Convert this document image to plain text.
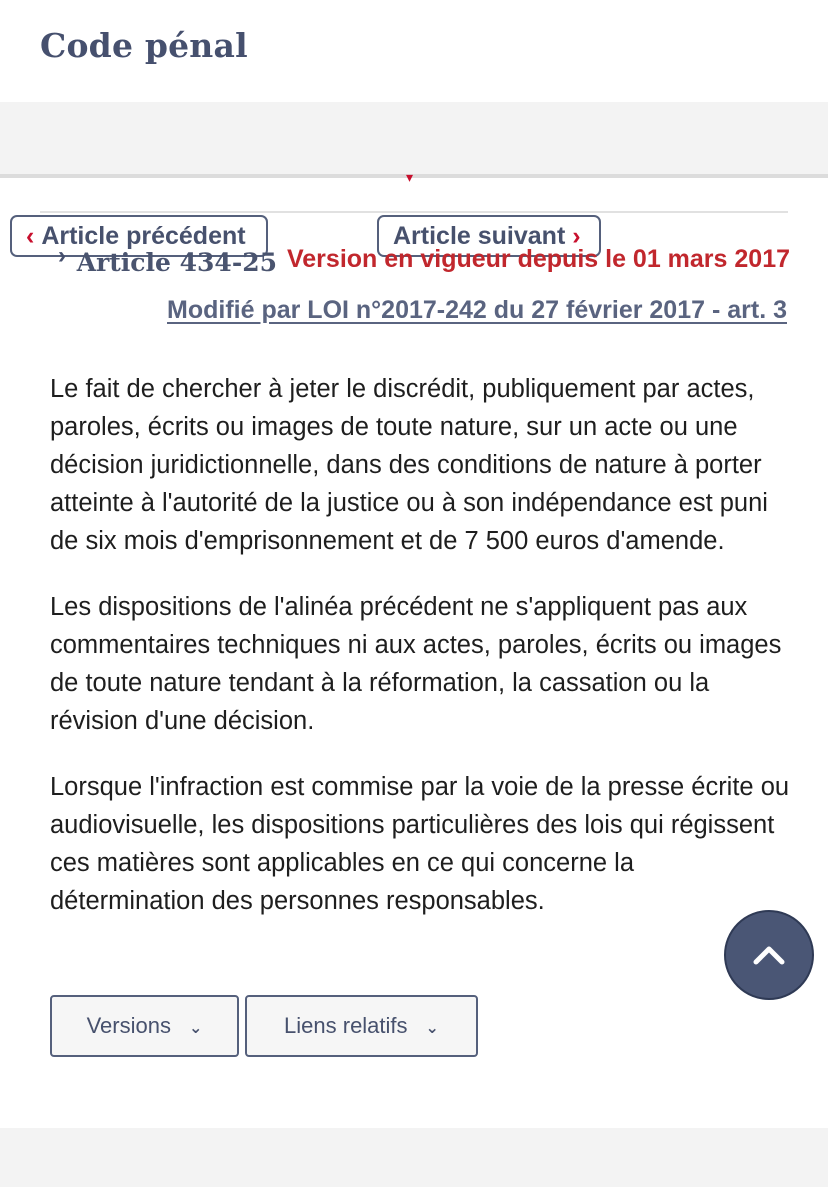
Code pénal
‹ Article précédent	Article suivant ›
▾
› Article 434-25 Version en vigueur depuis le 01 mars 2017
Modifié par LOI n°2017-242 du 27 février 2017 - art. 3

Le fait de chercher à jeter le discrédit, publiquement par actes, paroles, écrits ou images de toute nature, sur un acte ou une décision juridictionnelle, dans des conditions de nature à porter atteinte à l'autorité de la justice ou à son indépendance est puni de six mois d'emprisonnement et de 7 500 euros d'amende.

Les dispositions de l'alinéa précédent ne s'appliquent pas aux commentaires techniques ni aux actes, paroles, écrits ou images de toute nature tendant à la réformation, la cassation ou la révision d'une décision.

Lorsque l'infraction est commise par la voie de la presse écrite ou audiovisuelle, les dispositions particulières des lois qui régissent ces matières sont applicables en ce qui concerne la détermination des personnes responsables.

Versions ⌄	Liens relatifs ⌄
